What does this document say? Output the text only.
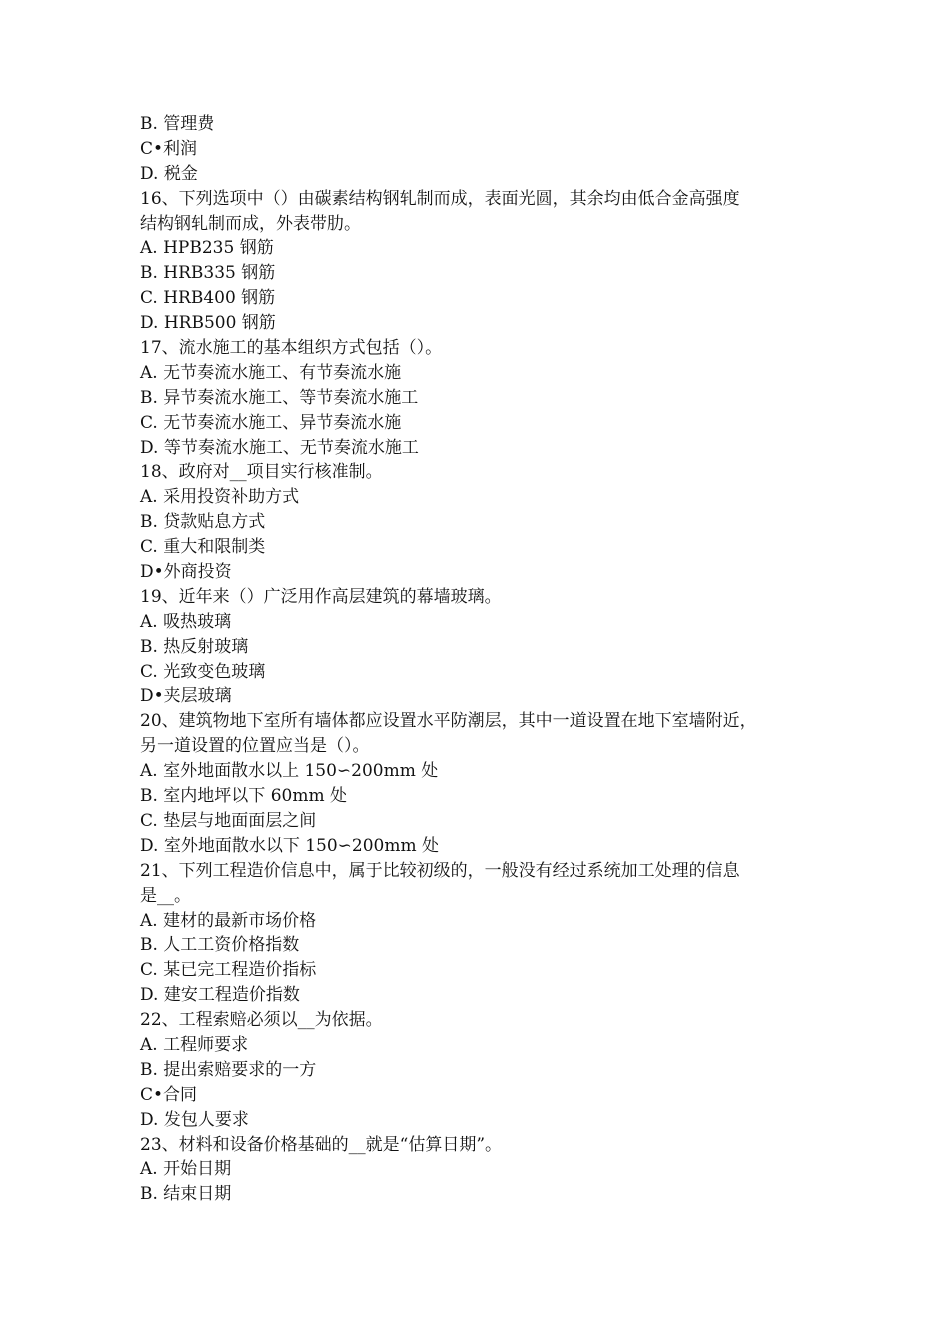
B. 管理费
C•利润
D. 税金
16、下列选项中（）由碳素结构钢轧制而成，表面光圆，其余均由低合金高强度
结构钢轧制而成，外表带肋。
A. HPB235 钢筋
B. HRB335 钢筋
C. HRB400 钢筋
D. HRB500 钢筋
17、流水施工的基本组织方式包括（）。
A. 无节奏流水施工、有节奏流水施
B. 异节奏流水施工、等节奏流水施工
C. 无节奏流水施工、异节奏流水施
D. 等节奏流水施工、无节奏流水施工
18、政府对__项目实行核准制。
A. 采用投资补助方式
B. 贷款贴息方式
C. 重大和限制类
D•外商投资
19、近年来（）广泛用作高层建筑的幕墙玻璃。
A. 吸热玻璃
B. 热反射玻璃
C. 光致变色玻璃
D•夹层玻璃
20、建筑物地下室所有墙体都应设置水平防潮层，其中一道设置在地下室墙附近，
另一道设置的位置应当是（）。
A. 室外地面散水以上 150∽200mm 处
B. 室内地坪以下 60mm 处
C. 垫层与地面面层之间
D. 室外地面散水以下 150∽200mm 处
21、下列工程造价信息中，属于比较初级的，一般没有经过系统加工处理的信息
是__。
A. 建材的最新市场价格
B. 人工工资价格指数
C. 某已完工程造价指标
D. 建安工程造价指数
22、工程索赔必须以__为依据。
A. 工程师要求
B. 提出索赔要求的一方
C•合同
D. 发包人要求
23、材料和设备价格基础的__就是“估算日期”。
A. 开始日期
B. 结束日期
